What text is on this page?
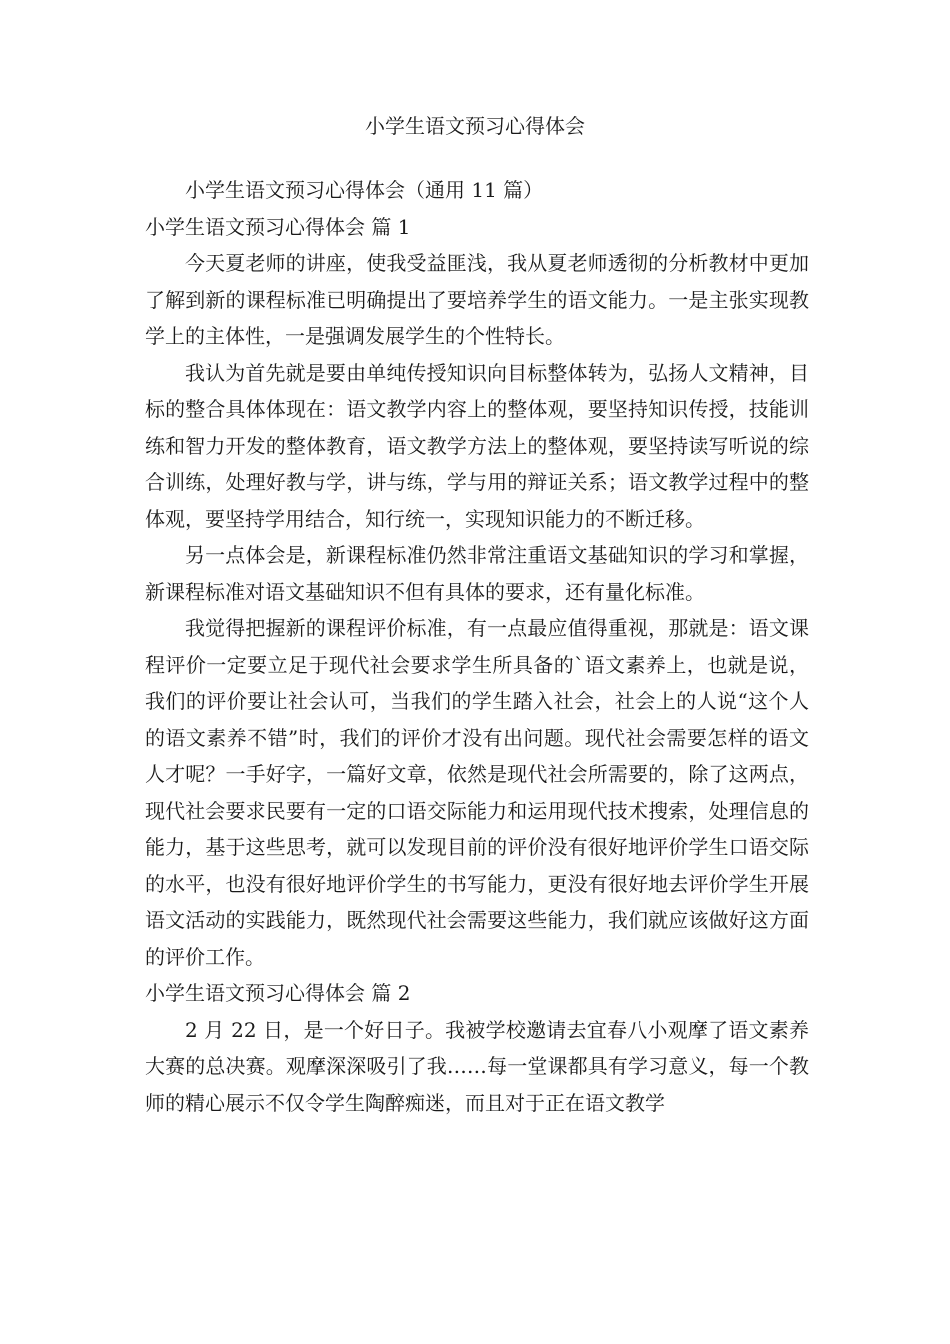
小学生语文预习心得体会

小学生语文预习心得体会（通用 11 篇）

小学生语文预习心得体会 篇 1

今天夏老师的讲座，使我受益匪浅，我从夏老师透彻的分析教材中更加了解到新的课程标准已明确提出了要培养学生的语文能力。一是主张实现教学上的主体性，一是强调发展学生的个性特长。

我认为首先就是要由单纯传授知识向目标整体转为，弘扬人文精神，目标的整合具体体现在：语文教学内容上的整体观，要坚持知识传授，技能训练和智力开发的整体教育，语文教学方法上的整体观，要坚持读写听说的综合训练，处理好教与学，讲与练，学与用的辩证关系；语文教学过程中的整体观，要坚持学用结合，知行统一，实现知识能力的不断迁移。

另一点体会是，新课程标准仍然非常注重语文基础知识的学习和掌握，新课程标准对语文基础知识不但有具体的要求，还有量化标准。

我觉得把握新的课程评价标准，有一点最应值得重视，那就是：语文课程评价一定要立足于现代社会要求学生所具备的`语文素养上，也就是说，我们的评价要让社会认可，当我们的学生踏入社会，社会上的人说“这个人的语文素养不错”时，我们的评价才没有出问题。现代社会需要怎样的语文人才呢？一手好字，一篇好文章，依然是现代社会所需要的，除了这两点，现代社会要求民要有一定的口语交际能力和运用现代技术搜索，处理信息的能力，基于这些思考，就可以发现目前的评价没有很好地评价学生口语交际的水平，也没有很好地评价学生的书写能力，更没有很好地去评价学生开展语文活动的实践能力，既然现代社会需要这些能力，我们就应该做好这方面的评价工作。

小学生语文预习心得体会 篇 2

2 月 22 日，是一个好日子。我被学校邀请去宜春八小观摩了语文素养大赛的总决赛。观摩深深吸引了我……每一堂课都具有学习意义，每一个教师的精心展示不仅令学生陶醉痴迷，而且对于正在语文教学
